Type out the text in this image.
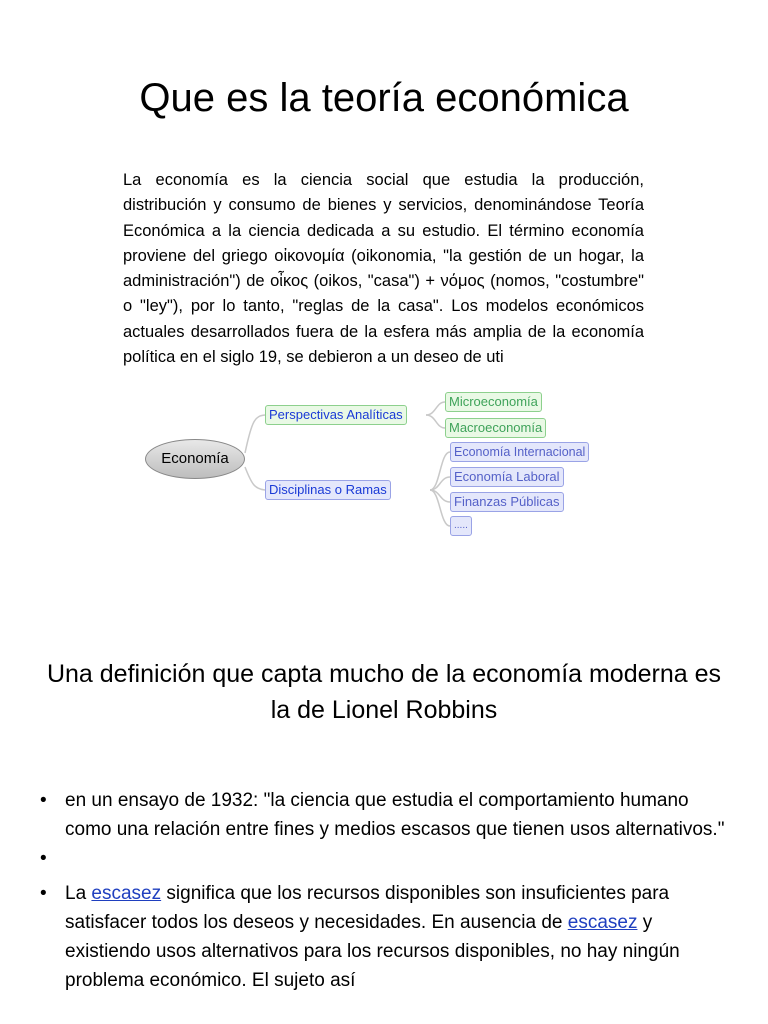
Que es la teoría económica
La economía es la ciencia social que estudia la producción, distribución y consumo de bienes y servicios, denominándose Teoría Económica a la ciencia dedicada a su estudio. El término economía proviene del griego οἰκονομία (oikonomia, "la gestión de un hogar, la administración") de οἶκος (oikos, "casa") + νόμος (nomos, "costumbre" o "ley"), por lo tanto, "reglas de la casa". Los modelos económicos actuales desarrollados fuera de la esfera más amplia de la economía política en el siglo 19, se debieron a un deseo de uti
Economía
Perspectivas Analíticas
Microeconomía
Macroeconomía
Disciplinas o Ramas
Economía Internacional
Economía Laboral
Finanzas Públicas
.....
Una definición que capta mucho de la economía moderna es la de Lionel Robbins
• en un ensayo de 1932: "la ciencia que estudia el comportamiento humano como una relación entre fines y medios escasos que tienen usos alternativos."
•
• La escasez significa que los recursos disponibles son insuficientes para satisfacer todos los deseos y necesidades. En ausencia de escasez y existiendo usos alternativos para los recursos disponibles, no hay ningún problema económico. El sujeto así
